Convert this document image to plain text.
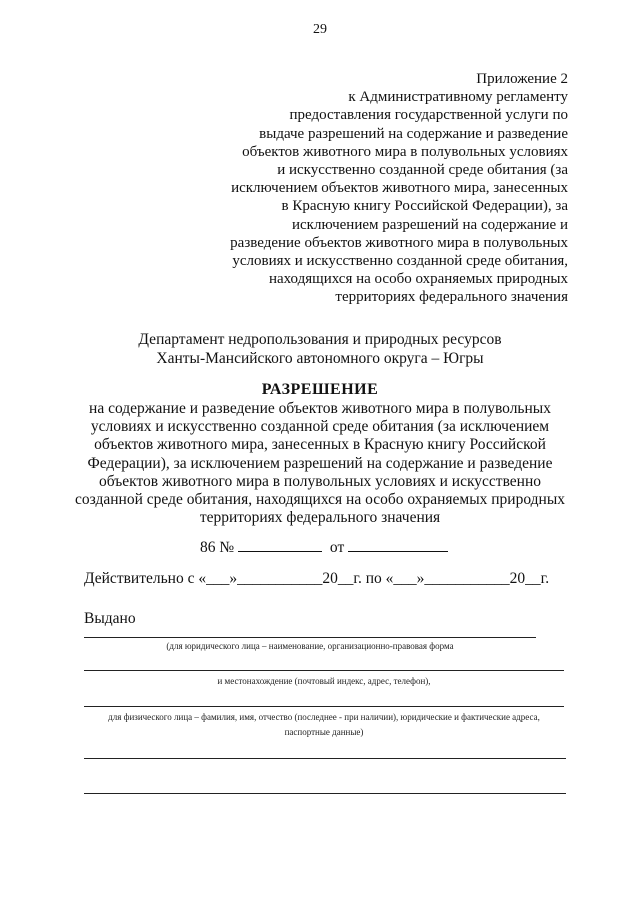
29
Приложение 2
к Административному регламенту
предоставления государственной услуги по
выдаче разрешений на содержание и разведение
объектов животного мира в полувольных условиях
и искусственно созданной среде обитания (за
исключением объектов животного мира, занесенных
в Красную книгу Российской Федерации), за
исключением разрешений на содержание и
разведение объектов животного мира в полувольных
условиях и искусственно созданной среде обитания,
находящихся на особо охраняемых природных
территориях федерального значения
Департамент недропользования и природных ресурсов
Ханты-Мансийского автономного округа – Югры
РАЗРЕШЕНИЕ
на содержание и разведение объектов животного мира в полувольных
условиях и искусственно созданной среде обитания (за исключением
объектов животного мира, занесенных в Красную книгу Российской
Федерации), за исключением разрешений на содержание и разведение
объектов животного мира в полувольных условиях и искусственно
созданной среде обитания, находящихся на особо охраняемых природных
территориях федерального значения
86 №	от
Действительно с «___»___________20__г. по «___»___________20__г.
Выдано
(для юридического лица – наименование, организационно-правовая форма
и местонахождение (почтовый индекс, адрес, телефон),
для физического лица – фамилия, имя, отчество (последнее - при наличии), юридические и фактические адреса,
паспортные данные)
